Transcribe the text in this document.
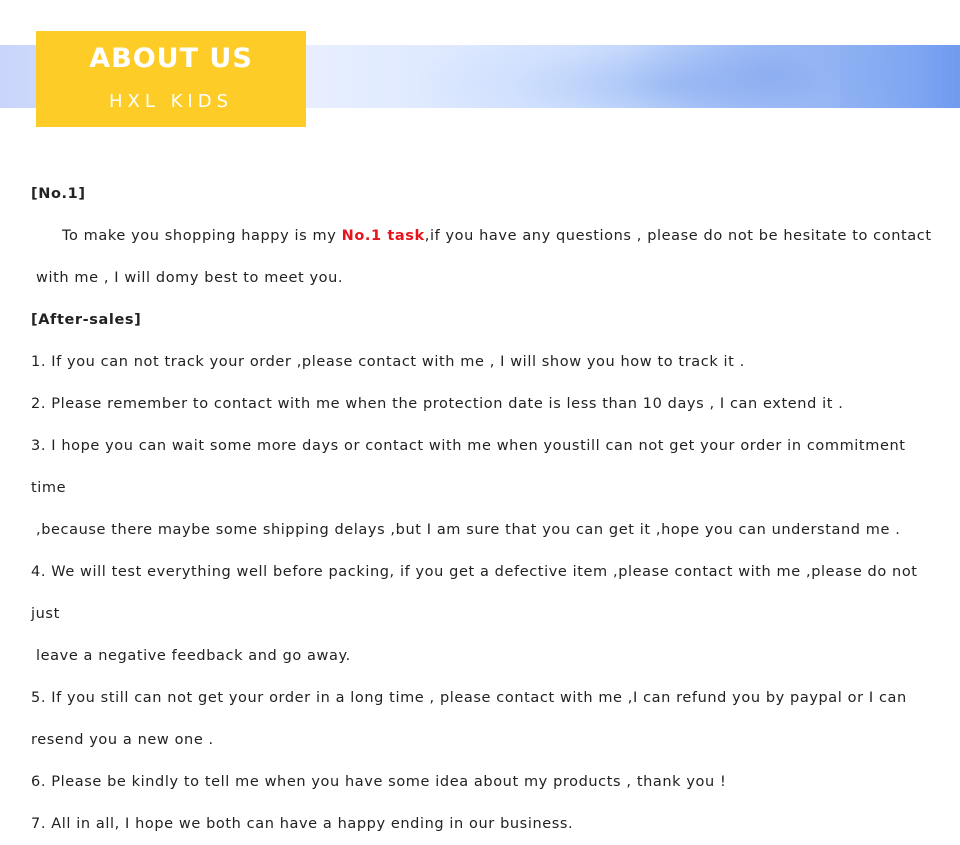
ABOUT US
HXL KIDS

[No.1]

To make you shopping happy is my No.1 task,if you have any questions , please do not be hesitate to contact

with me , I will domy best to meet you.

[After-sales]

1. If you can not track your order ,please contact with me , I will show you how to track it .

2. Please remember to contact with me when the protection date is less than 10 days , I can extend it .

3. I hope you can wait some more days or contact with me when youstill can not get your order in commitment time

,because there maybe some shipping delays ,but I am sure that you can get it ,hope you can understand me .

4. We will test everything well before packing, if you get a defective item ,please contact with me ,please do not just

leave a negative feedback and go away.

5. If you still can not get your order in a long time , please contact with me ,I can refund you by paypal or I can

resend you a new one .

6. Please be kindly to tell me when you have some idea about my products , thank you !

7. All in all, I hope we both can have a happy ending in our business.
